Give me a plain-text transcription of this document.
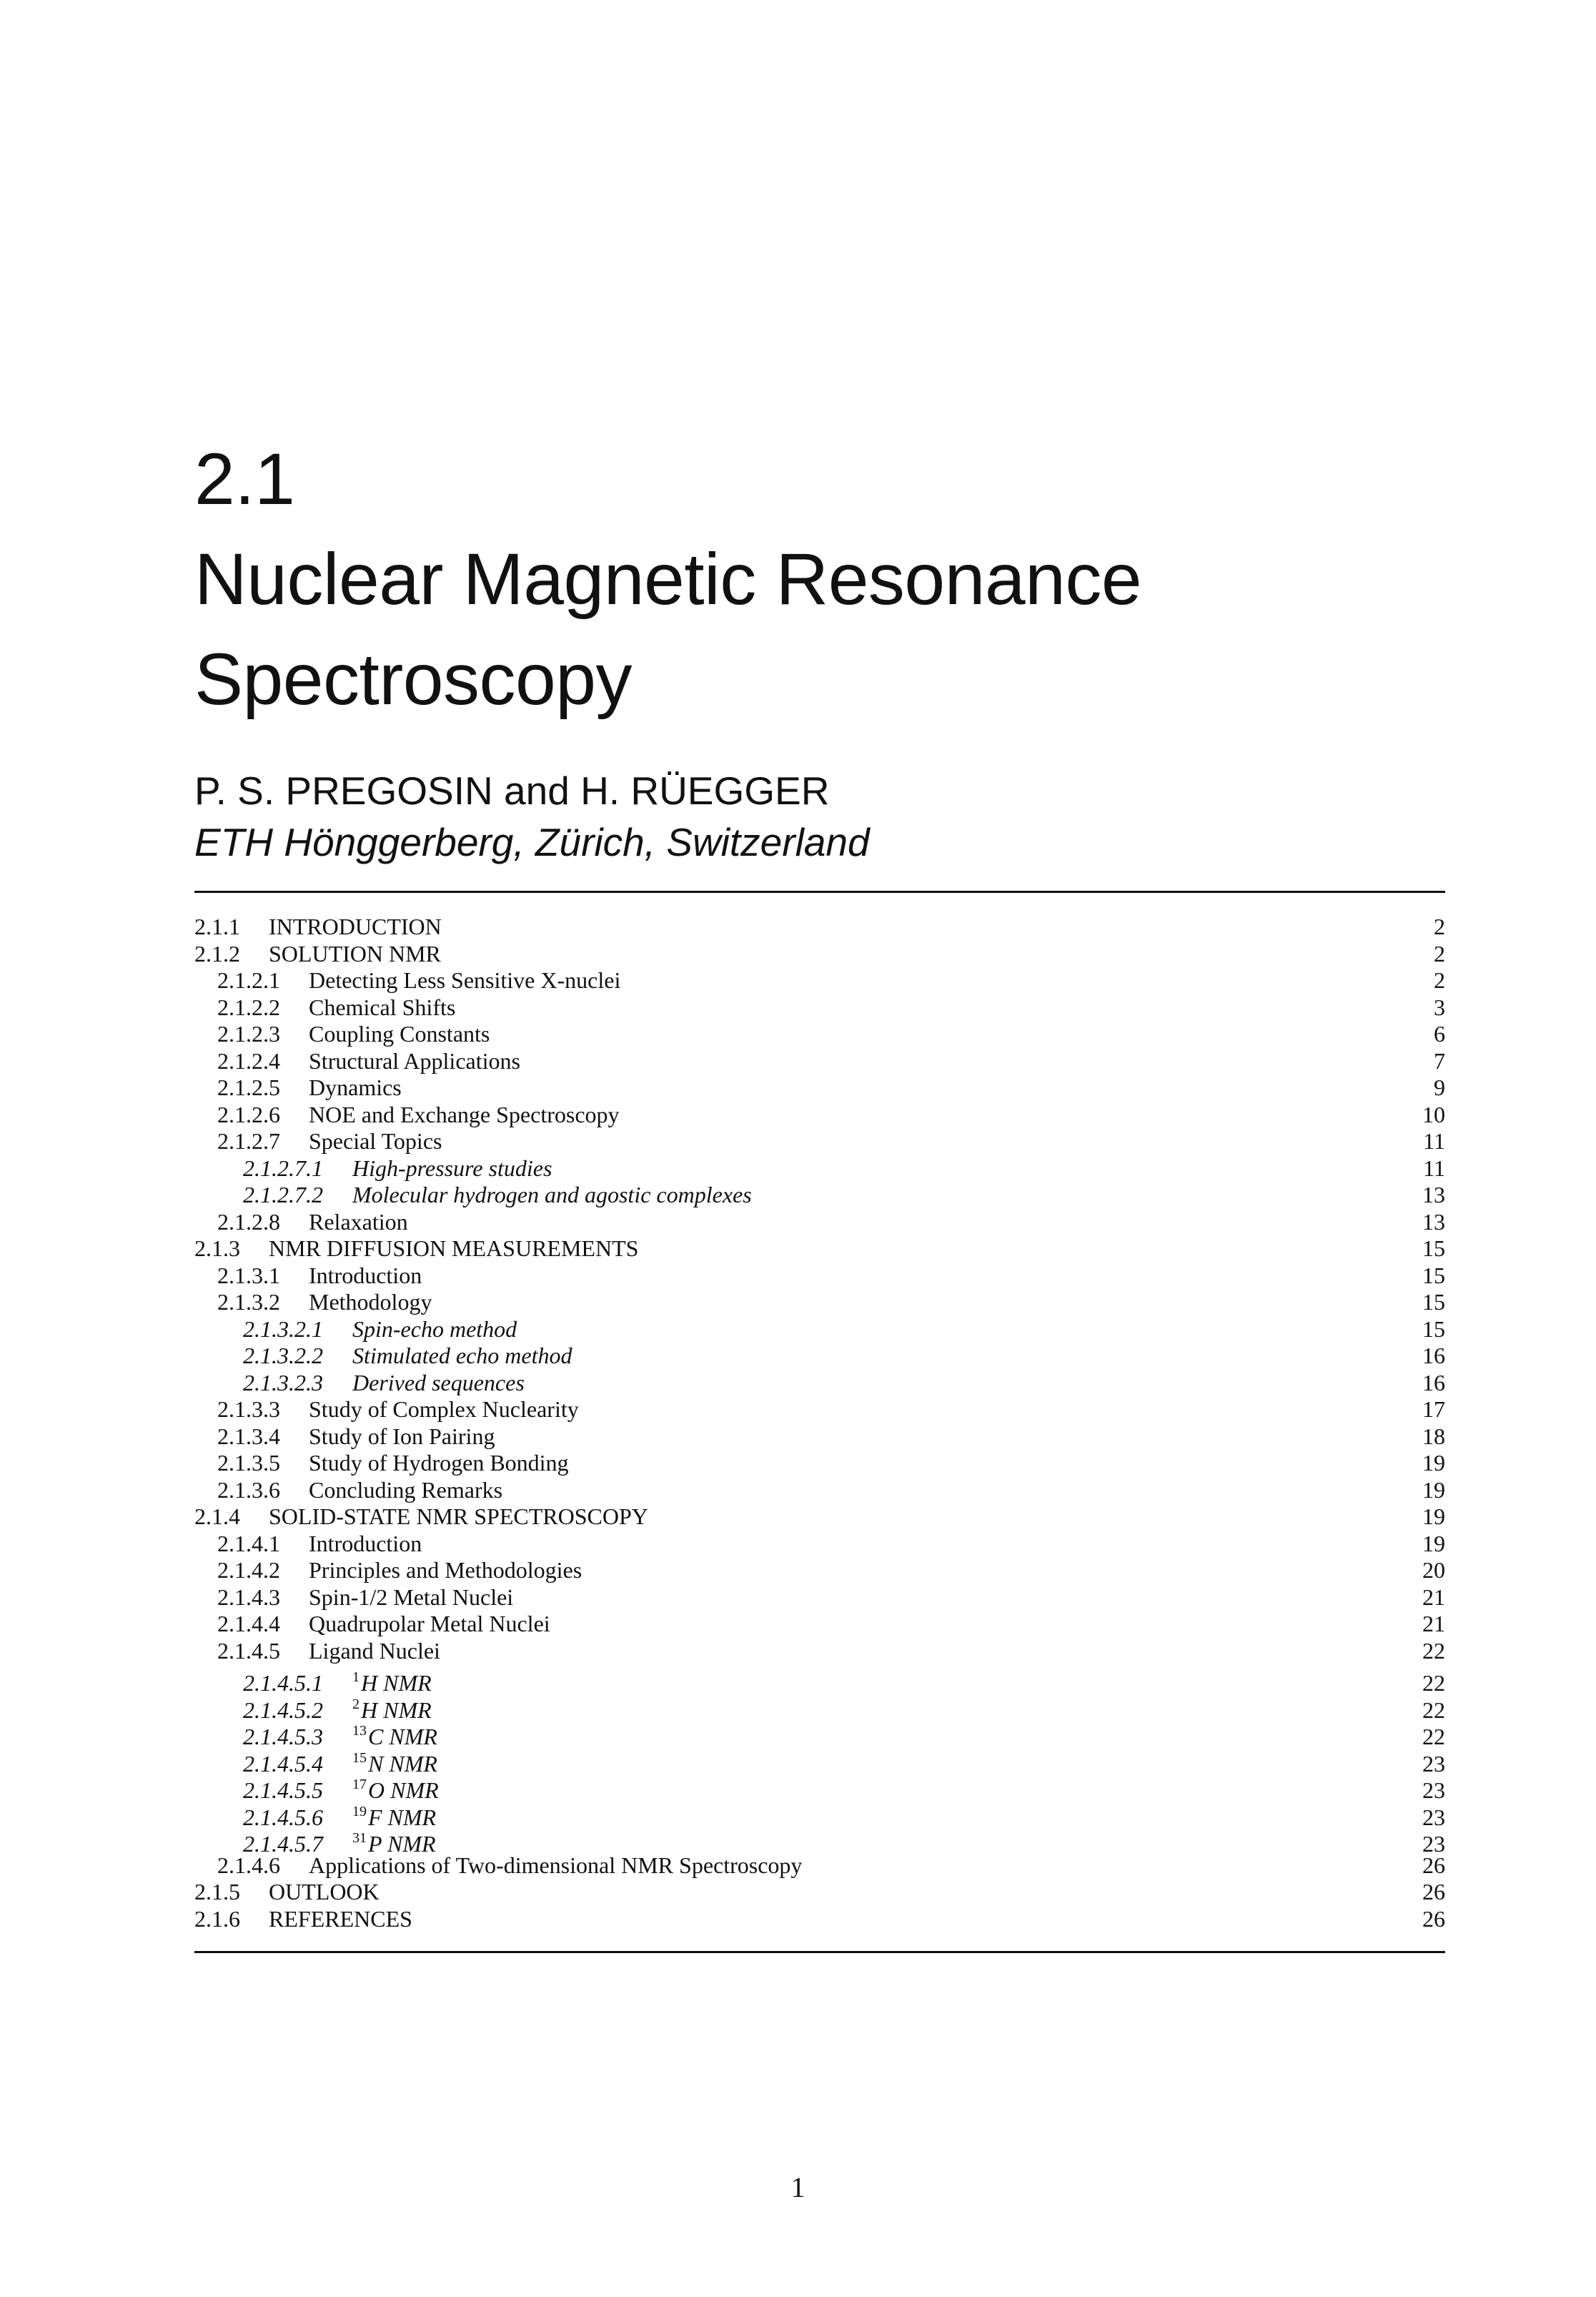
2.1
Nuclear Magnetic Resonance
Spectroscopy
P. S. PREGOSIN and H. RÜEGGER
ETH Hönggerberg, Zürich, Switzerland
2.1.1	INTRODUCTION	2
2.1.2	SOLUTION NMR	2
2.1.2.1	Detecting Less Sensitive X-nuclei	2
2.1.2.2	Chemical Shifts	3
2.1.2.3	Coupling Constants	6
2.1.2.4	Structural Applications	7
2.1.2.5	Dynamics	9
2.1.2.6	NOE and Exchange Spectroscopy	10
2.1.2.7	Special Topics	11
2.1.2.7.1	High-pressure studies	11
2.1.2.7.2	Molecular hydrogen and agostic complexes	13
2.1.2.8	Relaxation	13
2.1.3	NMR DIFFUSION MEASUREMENTS	15
2.1.3.1	Introduction	15
2.1.3.2	Methodology	15
2.1.3.2.1	Spin-echo method	15
2.1.3.2.2	Stimulated echo method	16
2.1.3.2.3	Derived sequences	16
2.1.3.3	Study of Complex Nuclearity	17
2.1.3.4	Study of Ion Pairing	18
2.1.3.5	Study of Hydrogen Bonding	19
2.1.3.6	Concluding Remarks	19
2.1.4	SOLID-STATE NMR SPECTROSCOPY	19
2.1.4.1	Introduction	19
2.1.4.2	Principles and Methodologies	20
2.1.4.3	Spin-1/2 Metal Nuclei	21
2.1.4.4	Quadrupolar Metal Nuclei	21
2.1.4.5	Ligand Nuclei	22
2.1.4.5.1	$^1$H NMR	22
2.1.4.5.2	$^2$H NMR	22
2.1.4.5.3	$^{13}$C NMR	22
2.1.4.5.4	$^{15}$N NMR	23
2.1.4.5.5	$^{17}$O NMR	23
2.1.4.5.6	$^{19}$F NMR	23
2.1.4.5.7	$^{31}$P NMR	23
2.1.4.6	Applications of Two-dimensional NMR Spectroscopy	26
2.1.5	OUTLOOK	26
2.1.6	REFERENCES	26
1
